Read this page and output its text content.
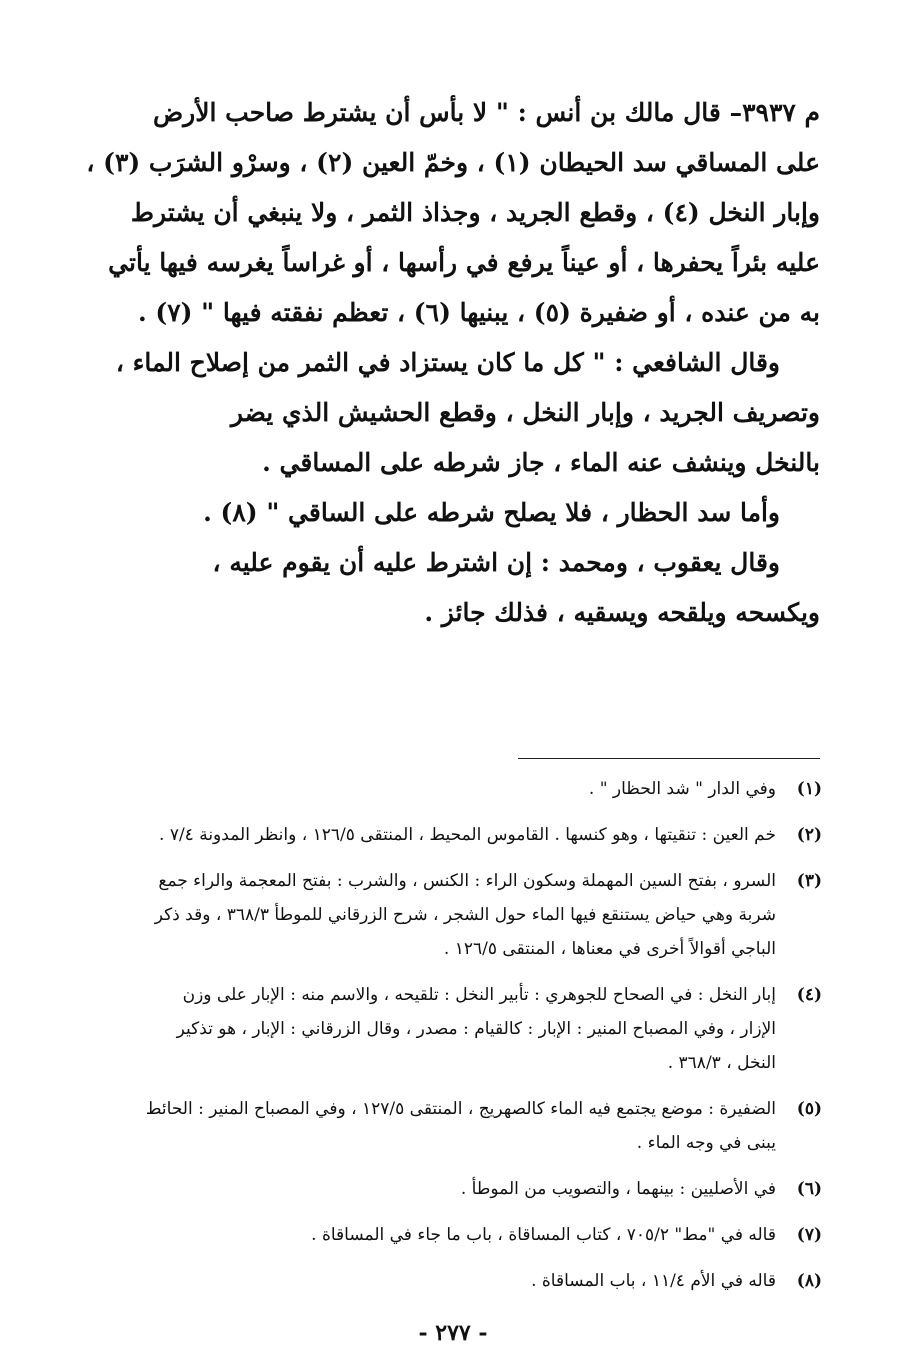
م ٣٩٣٧– قال مالك بن أنس : " لا بأس أن يشترط صاحب الأرض
على المساقي سد الحيطان (١) ، وخمّ العين (٢) ، وسرْو الشرَب (٣) ،
وإبار النخل (٤) ، وقطع الجريد ، وجذاذ الثمر ، ولا ينبغي أن يشترط
عليه بئراً يحفرها ، أو عيناً يرفع في رأسها ، أو غراساً يغرسه فيها يأتي
به من عنده ، أو ضفيرة (٥) ، يبنيها (٦) ، تعظم نفقته فيها " (٧) .
وقال الشافعي : " كل ما كان يستزاد في الثمر من إصلاح الماء ،
وتصريف الجريد ، وإبار النخل ، وقطع الحشيش الذي يضر
بالنخل وينشف عنه الماء ، جاز شرطه على المساقي .
وأما سد الحظار ، فلا يصلح شرطه على الساقي " (٨) .
وقال يعقوب ، ومحمد : إن اشترط عليه أن يقوم عليه ،
ويكسحه ويلقحه ويسقيه ، فذلك جائز .
(١)
وفي الدار " شد الحظار " .
(٢)
خم العين : تنقيتها ، وهو كنسها . القاموس المحيط ، المنتقى ١٢٦/٥ ، وانظر المدونة ٧/٤ .
(٣)
السرو ، بفتح السين المهملة وسكون الراء : الكنس ، والشرب : بفتح المعجمة والراء جمع
شربة وهي حياض يستنقع فيها الماء حول الشجر ، شرح الزرقاني للموطأ ٣٦٨/٣ ، وقد ذكر
الباجي أقوالاً أخرى في معناها ، المنتقى ١٢٦/٥ .
(٤)
إبار النخل : في الصحاح للجوهري : تأبير النخل : تلقيحه ، والاسم منه : الإبار على وزن
الإزار ، وفي المصباح المنير : الإبار : كالقيام : مصدر ، وقال الزرقاني : الإبار ، هو تذكير
النخل ، ٣٦٨/٣ .
(٥)
الضفيرة : موضع يجتمع فيه الماء كالصهريج ، المنتقى ١٢٧/٥ ، وفي المصباح المنير : الحائط
يبنى في وجه الماء .
(٦)
في الأصليين : بينهما ، والتصويب من الموطأ .
(٧)
قاله في "مط" ٧٠٥/٢ ، كتاب المساقاة ، باب ما جاء في المساقاة .
(٨)
قاله في الأم ١١/٤ ، باب المساقاة .
- ٢٧٧ -
